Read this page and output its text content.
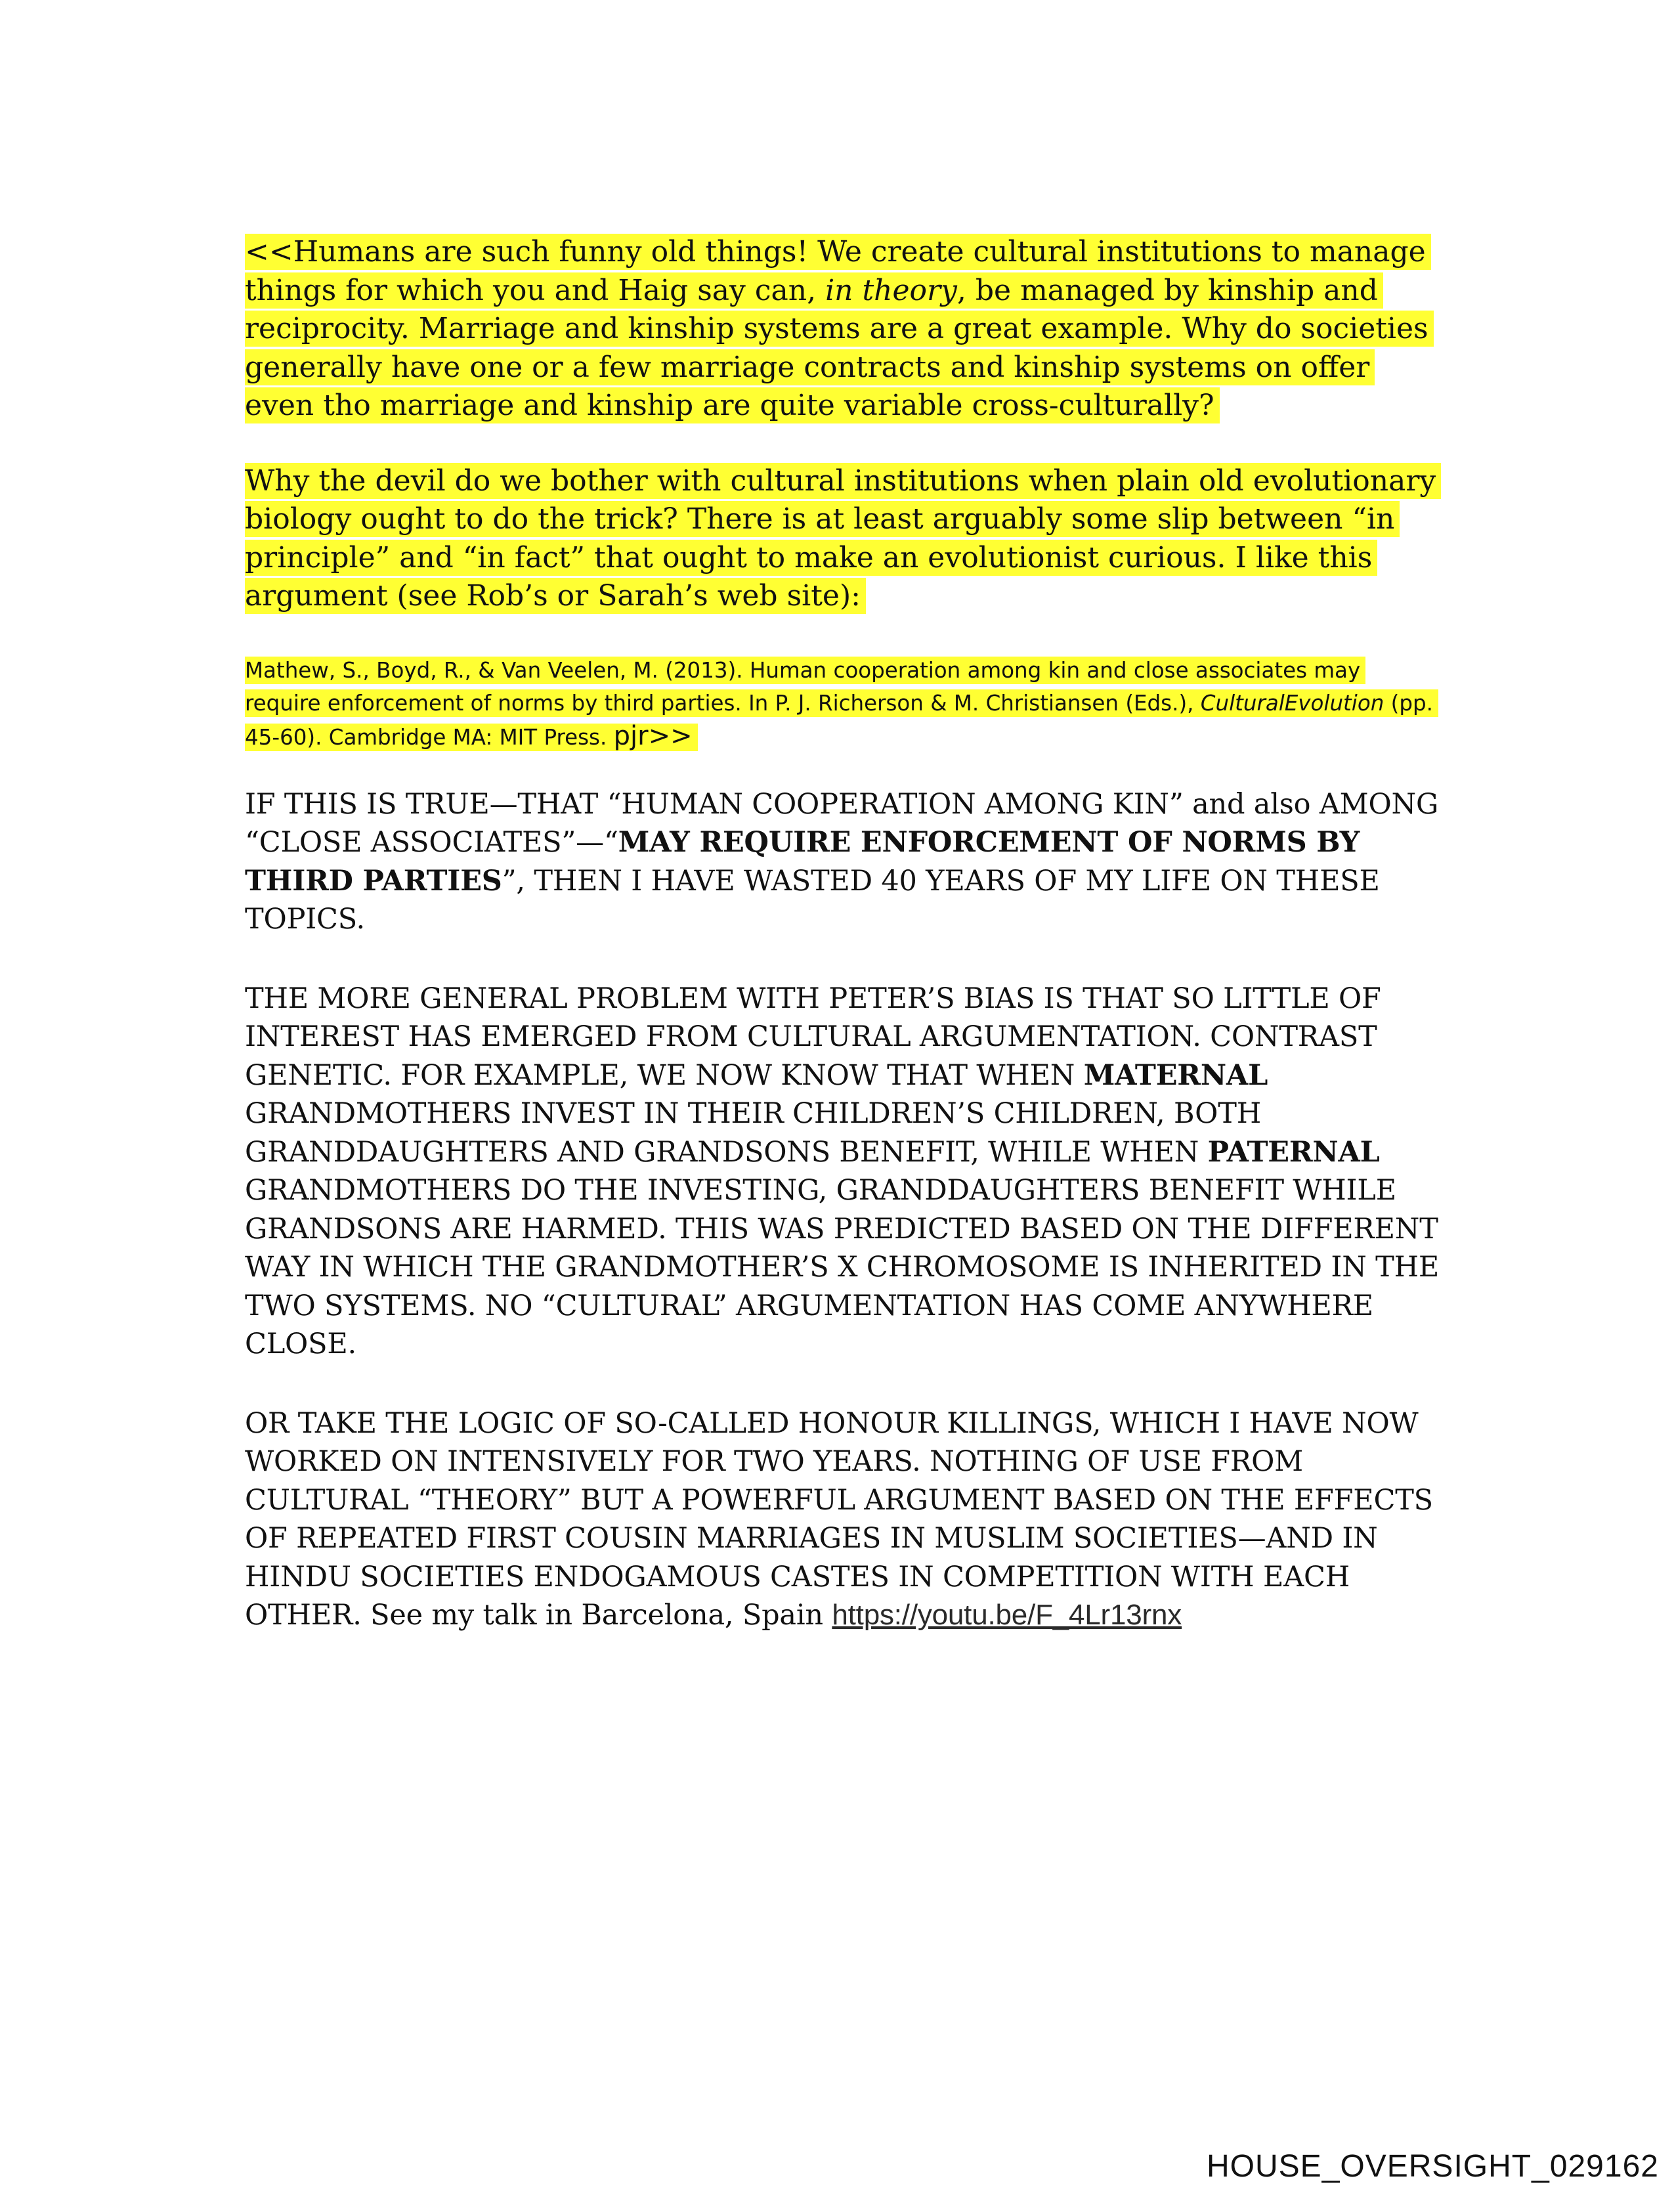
<<Humans are such funny old things! We create cultural institutions to manage things for which you and Haig say can, in theory, be managed by kinship and reciprocity. Marriage and kinship systems are a great example. Why do societies generally have one or a few marriage contracts and kinship systems on offer even tho marriage and kinship are quite variable cross-culturally?

Why the devil do we bother with cultural institutions when plain old evolutionary biology ought to do the trick? There is at least arguably some slip between “in principle” and “in fact” that ought to make an evolutionist curious. I like this argument (see Rob’s or Sarah’s web site):

Mathew, S., Boyd, R., & Van Veelen, M. (2013). Human cooperation among kin and close associates may require enforcement of norms by third parties. In P. J. Richerson & M. Christiansen (Eds.), CulturalEvolution (pp. 45-60). Cambridge MA: MIT Press. pjr>>

IF THIS IS TRUE—THAT “HUMAN COOPERATION AMONG KIN” and also AMONG “CLOSE ASSOCIATES”—“MAY REQUIRE ENFORCEMENT OF NORMS BY THIRD PARTIES”, THEN I HAVE WASTED 40 YEARS OF MY LIFE ON THESE TOPICS.

THE MORE GENERAL PROBLEM WITH PETER’S BIAS IS THAT SO LITTLE OF INTEREST HAS EMERGED FROM CULTURAL ARGUMENTATION. CONTRAST GENETIC. FOR EXAMPLE, WE NOW KNOW THAT WHEN MATERNAL GRANDMOTHERS INVEST IN THEIR CHILDREN’S CHILDREN, BOTH GRANDDAUGHTERS AND GRANDSONS BENEFIT, WHILE WHEN PATERNAL GRANDMOTHERS DO THE INVESTING, GRANDDAUGHTERS BENEFIT WHILE GRANDSONS ARE HARMED. THIS WAS PREDICTED BASED ON THE DIFFERENT WAY IN WHICH THE GRANDMOTHER’S X CHROMOSOME IS INHERITED IN THE TWO SYSTEMS. NO “CULTURAL” ARGUMENTATION HAS COME ANYWHERE CLOSE.

OR TAKE THE LOGIC OF SO-CALLED HONOUR KILLINGS, WHICH I HAVE NOW WORKED ON INTENSIVELY FOR TWO YEARS. NOTHING OF USE FROM CULTURAL “THEORY” BUT A POWERFUL ARGUMENT BASED ON THE EFFECTS OF REPEATED FIRST COUSIN MARRIAGES IN MUSLIM SOCIETIES—AND IN HINDU SOCIETIES ENDOGAMOUS CASTES IN COMPETITION WITH EACH OTHER. See my talk in Barcelona, Spain https://youtu.be/F_4Lr13rnx

HOUSE_OVERSIGHT_029162
